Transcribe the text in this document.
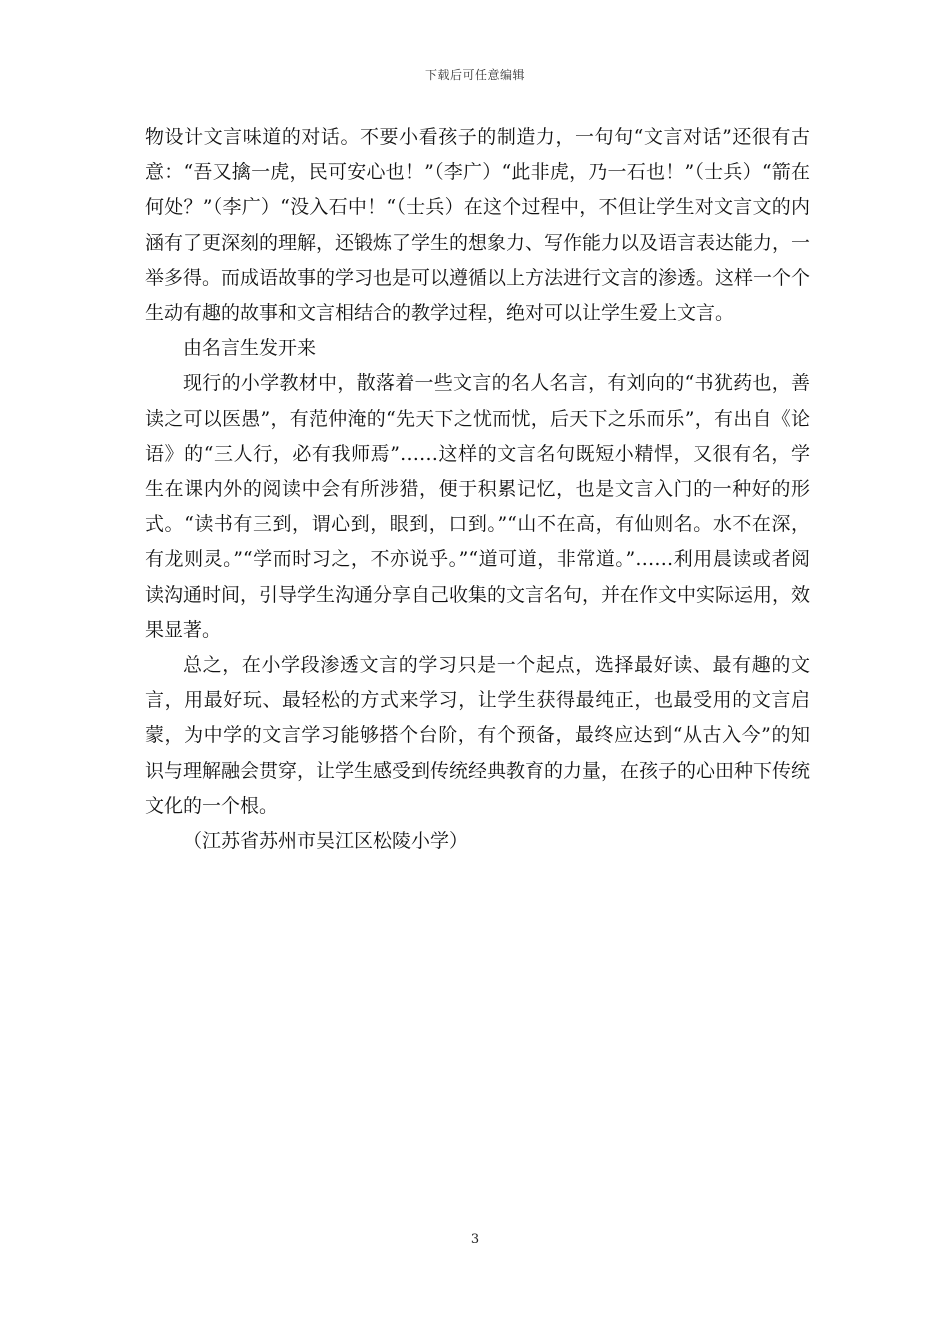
下载后可任意编辑

物设计文言味道的对话。不要小看孩子的制造力，一句句“文言对话”还很有古意：“吾又擒一虎，民可安心也！”（李广）“此非虎，乃一石也！”（士兵）“箭在何处？”（李广）“没入石中！“（士兵）在这个过程中，不但让学生对文言文的内涵有了更深刻的理解，还锻炼了学生的想象力、写作能力以及语言表达能力，一举多得。而成语故事的学习也是可以遵循以上方法进行文言的渗透。这样一个个生动有趣的故事和文言相结合的教学过程，绝对可以让学生爱上文言。

由名言生发开来

现行的小学教材中，散落着一些文言的名人名言，有刘向的“书犹药也，善读之可以医愚”，有范仲淹的“先天下之忧而忧，后天下之乐而乐”，有出自《论语》的“三人行，必有我师焉”……这样的文言名句既短小精悍，又很有名，学生在课内外的阅读中会有所涉猎，便于积累记忆，也是文言入门的一种好的形式。“读书有三到，谓心到，眼到，口到。”“山不在高，有仙则名。水不在深，有龙则灵。”“学而时习之，不亦说乎。”“道可道，非常道。”……利用晨读或者阅读沟通时间，引导学生沟通分享自己收集的文言名句，并在作文中实际运用，效果显著。

总之，在小学段渗透文言的学习只是一个起点，选择最好读、最有趣的文言，用最好玩、最轻松的方式来学习，让学生获得最纯正，也最受用的文言启蒙，为中学的文言学习能够搭个台阶，有个预备，最终应达到“从古入今”的知识与理解融会贯穿，让学生感受到传统经典教育的力量，在孩子的心田种下传统文化的一个根。

（江苏省苏州市吴江区松陵小学）

3
